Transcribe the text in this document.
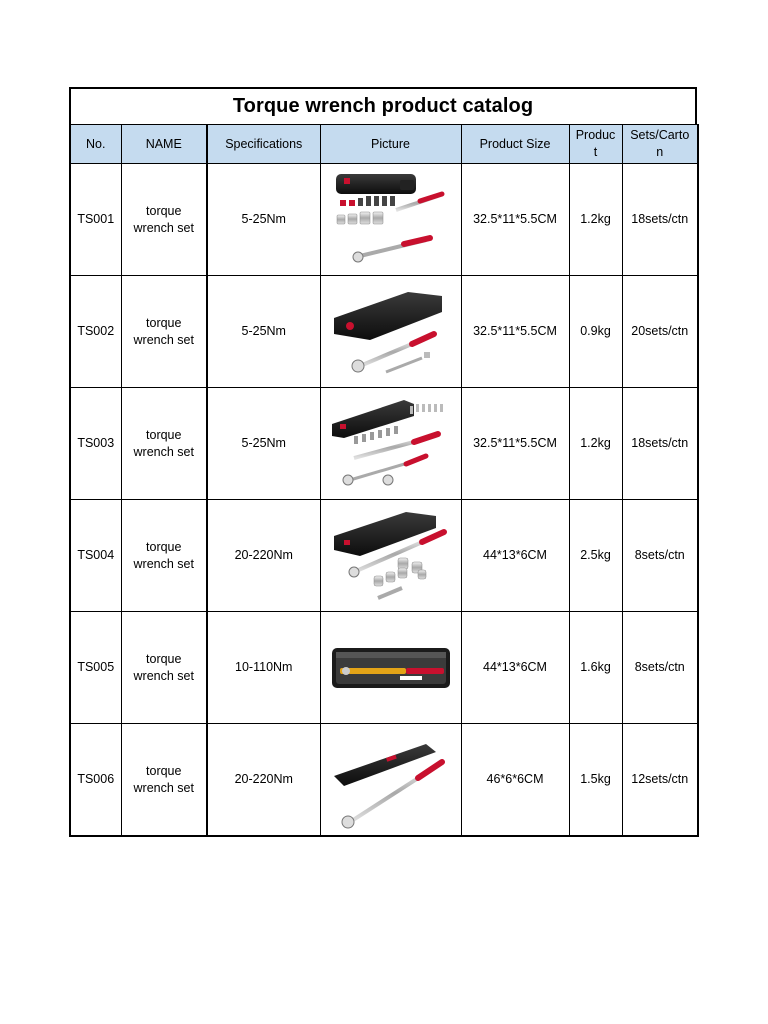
Torque wrench product catalog
No.	NAME	Specifications	Picture	Product Size	Produc
t	Sets/Carto
n
TS001	torque
wrench set	5-25Nm		32.5*11*5.5CM	1.2kg	18sets/ctn
TS002	torque
wrench set	5-25Nm		32.5*11*5.5CM	0.9kg	20sets/ctn
TS003	torque
wrench set	5-25Nm		32.5*11*5.5CM	1.2kg	18sets/ctn
TS004	torque
wrench set	20-220Nm		44*13*6CM	2.5kg	8sets/ctn
TS005	torque
wrench set	10-110Nm		44*13*6CM	1.6kg	8sets/ctn
TS006	torque
wrench set	20-220Nm		46*6*6CM	1.5kg	12sets/ctn
